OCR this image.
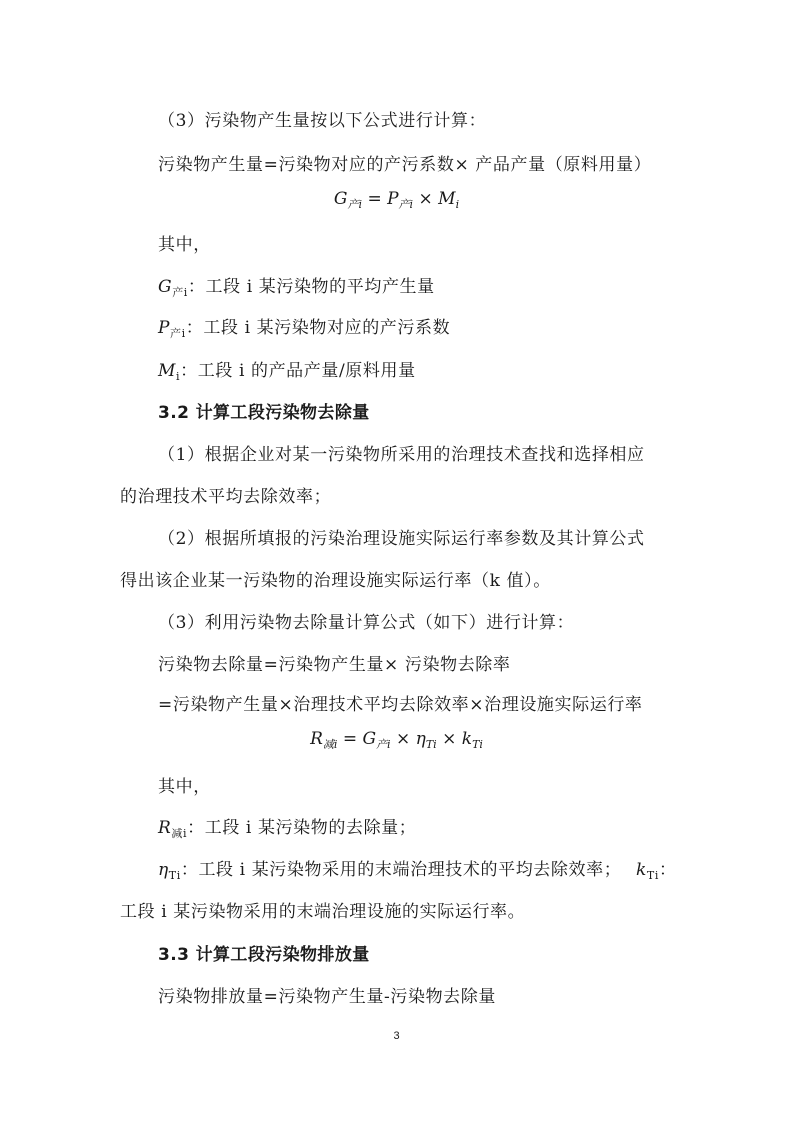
（3）污染物产生量按以下公式进行计算：
污染物产生量=污染物对应的产污系数× 产品产量（原料用量）
$G_{产i} = P_{产i} \times M_i$
其中，
$G_{产i}$：工段 i 某污染物的平均产生量
$P_{产i}$：工段 i 某污染物对应的产污系数
$M_i$：工段 i 的产品产量/原料用量
3.2 计算工段污染物去除量
（1）根据企业对某一污染物所采用的治理技术查找和选择相应
的治理技术平均去除效率；
（2）根据所填报的污染治理设施实际运行率参数及其计算公式
得出该企业某一污染物的治理设施实际运行率（k 值）。
（3）利用污染物去除量计算公式（如下）进行计算：
污染物去除量=污染物产生量× 污染物去除率
=污染物产生量×治理技术平均去除效率×治理设施实际运行率
$R_{减i} = G_{产i} \times \eta_{Ti} \times k_{Ti}$
其中，
$R_{减i}$：工段 i 某污染物的去除量；
$\eta_{Ti}$：工段 i 某污染物采用的末端治理技术的平均去除效率； $k_{Ti}$：
工段 i 某污染物采用的末端治理设施的实际运行率。
3.3 计算工段污染物排放量
污染物排放量=污染物产生量-污染物去除量
3
